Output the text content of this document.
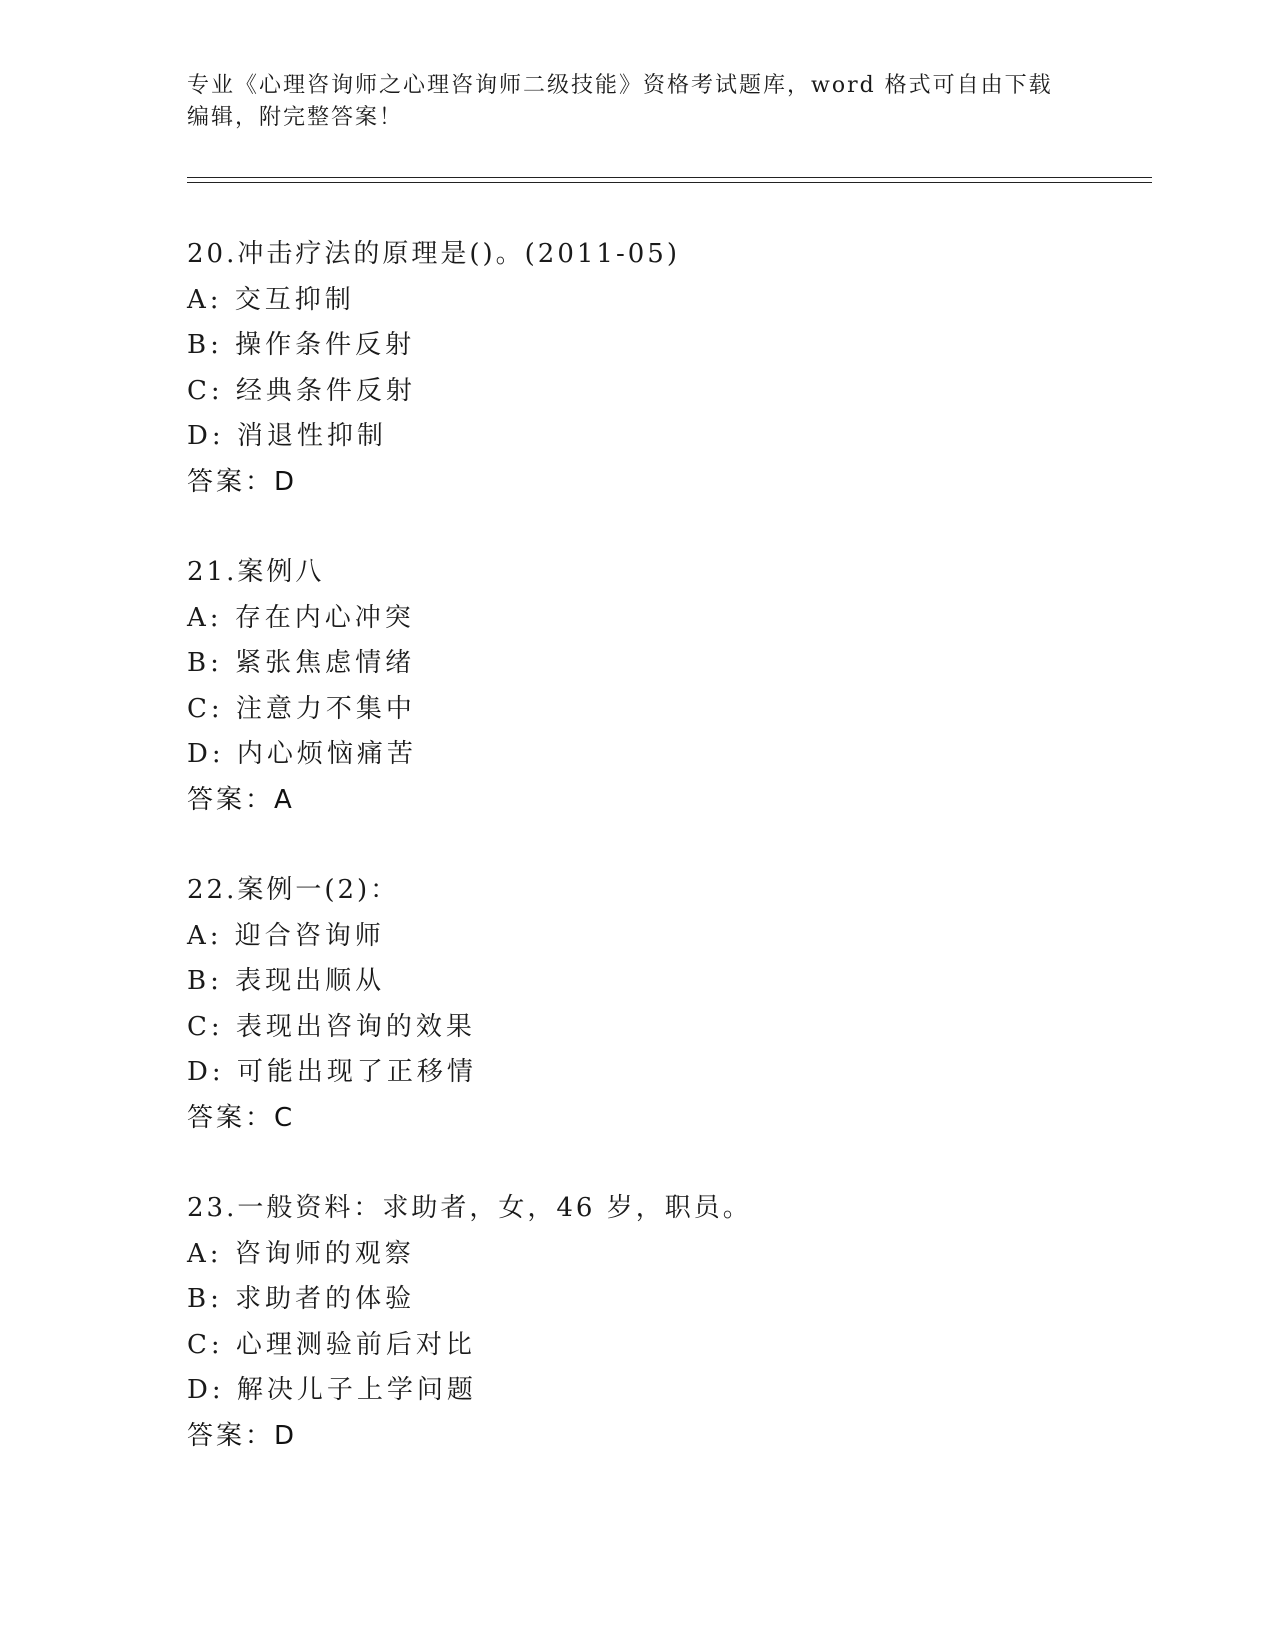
专业《心理咨询师之心理咨询师二级技能》资格考试题库，word 格式可自由下载
编辑，附完整答案！
20.冲击疗法的原理是()。(2011-05)
A: 交互抑制
B: 操作条件反射
C: 经典条件反射
D: 消退性抑制
答案：D
21.案例八
A: 存在内心冲突
B: 紧张焦虑情绪
C: 注意力不集中
D: 内心烦恼痛苦
答案：A
22.案例一(2)：
A: 迎合咨询师
B: 表现出顺从
C: 表现出咨询的效果
D: 可能出现了正移情
答案：C
23.一般资料：求助者，女，46 岁，职员。
A: 咨询师的观察
B: 求助者的体验
C: 心理测验前后对比
D: 解决儿子上学问题
答案：D
